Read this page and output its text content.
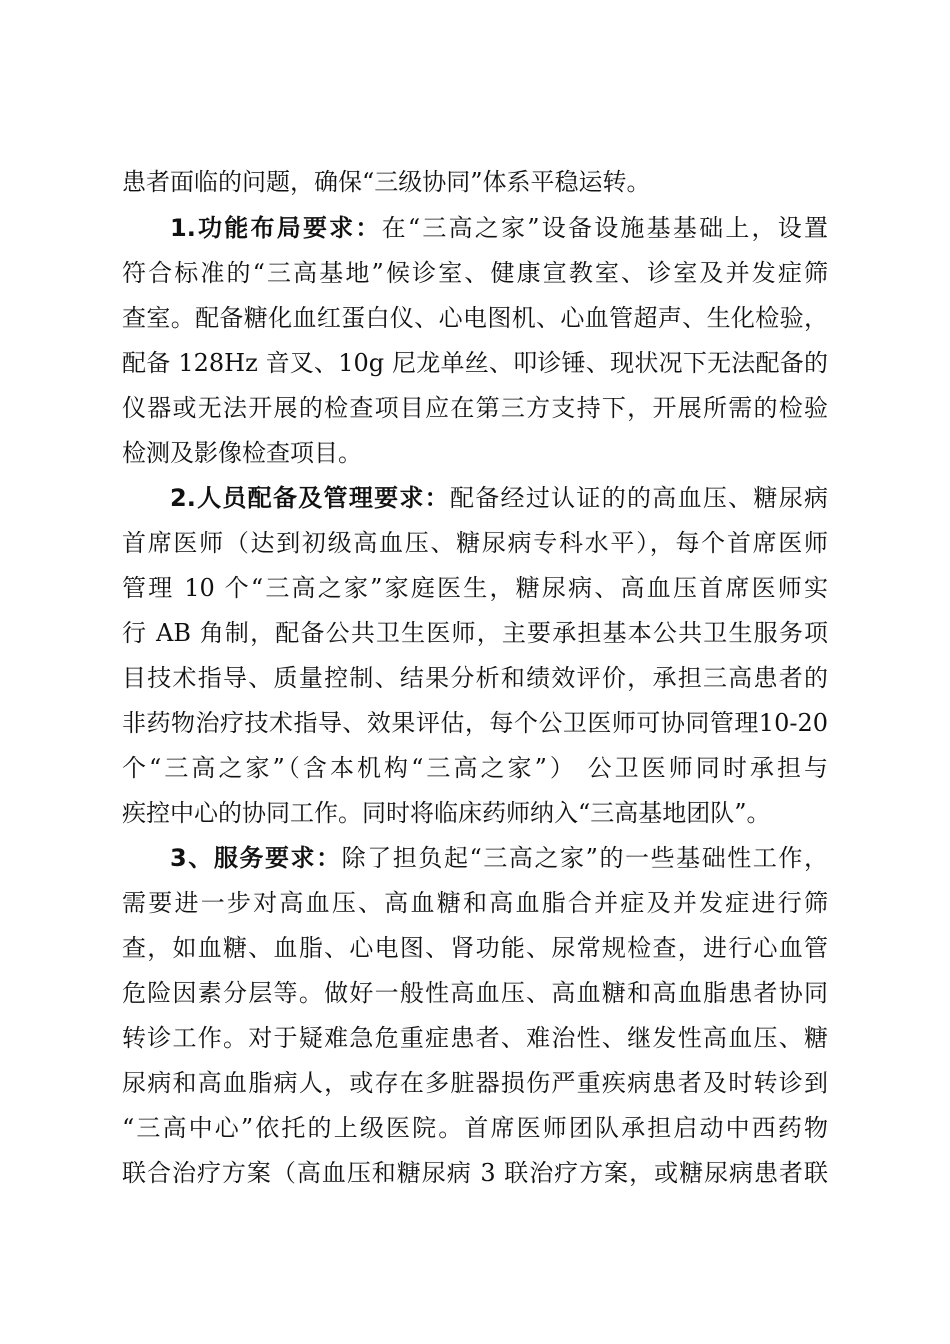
患者面临的问题，确保“三级协同”体系平稳运转。
1.功能布局要求：在“三高之家”设备设施基基础上，设置
符合标准的“三高基地”候诊室、健康宣教室、诊室及并发症筛
查室。配备糖化血红蛋白仪、心电图机、心血管超声、生化检验，
配备 128Hz 音叉、10g 尼龙单丝、叩诊锤、现状况下无法配备的
仪器或无法开展的检查项目应在第三方支持下，开展所需的检验
检测及影像检查项目。
2.人员配备及管理要求：配备经过认证的的高血压、糖尿病
首席医师（达到初级高血压、糖尿病专科水平），每个首席医师
管理 10 个“三高之家”家庭医生，糖尿病、高血压首席医师实
行 AB 角制，配备公共卫生医师，主要承担基本公共卫生服务项
目技术指导、质量控制、结果分析和绩效评价，承担三高患者的
非药物治疗技术指导、效果评估，每个公卫医师可协同管理10-20
个“三高之家”（含本机构“三高之家”） 公卫医师同时承担与
疾控中心的协同工作。同时将临床药师纳入“三高基地团队”。
3、服务要求：除了担负起“三高之家”的一些基础性工作，
需要进一步对高血压、高血糖和高血脂合并症及并发症进行筛
查，如血糖、血脂、心电图、肾功能、尿常规检查，进行心血管
危险因素分层等。做好一般性高血压、高血糖和高血脂患者协同
转诊工作。对于疑难急危重症患者、难治性、继发性高血压、糖
尿病和高血脂病人，或存在多脏器损伤严重疾病患者及时转诊到
“三高中心”依托的上级医院。首席医师团队承担启动中西药物
联合治疗方案（高血压和糖尿病 3 联治疗方案，或糖尿病患者联
